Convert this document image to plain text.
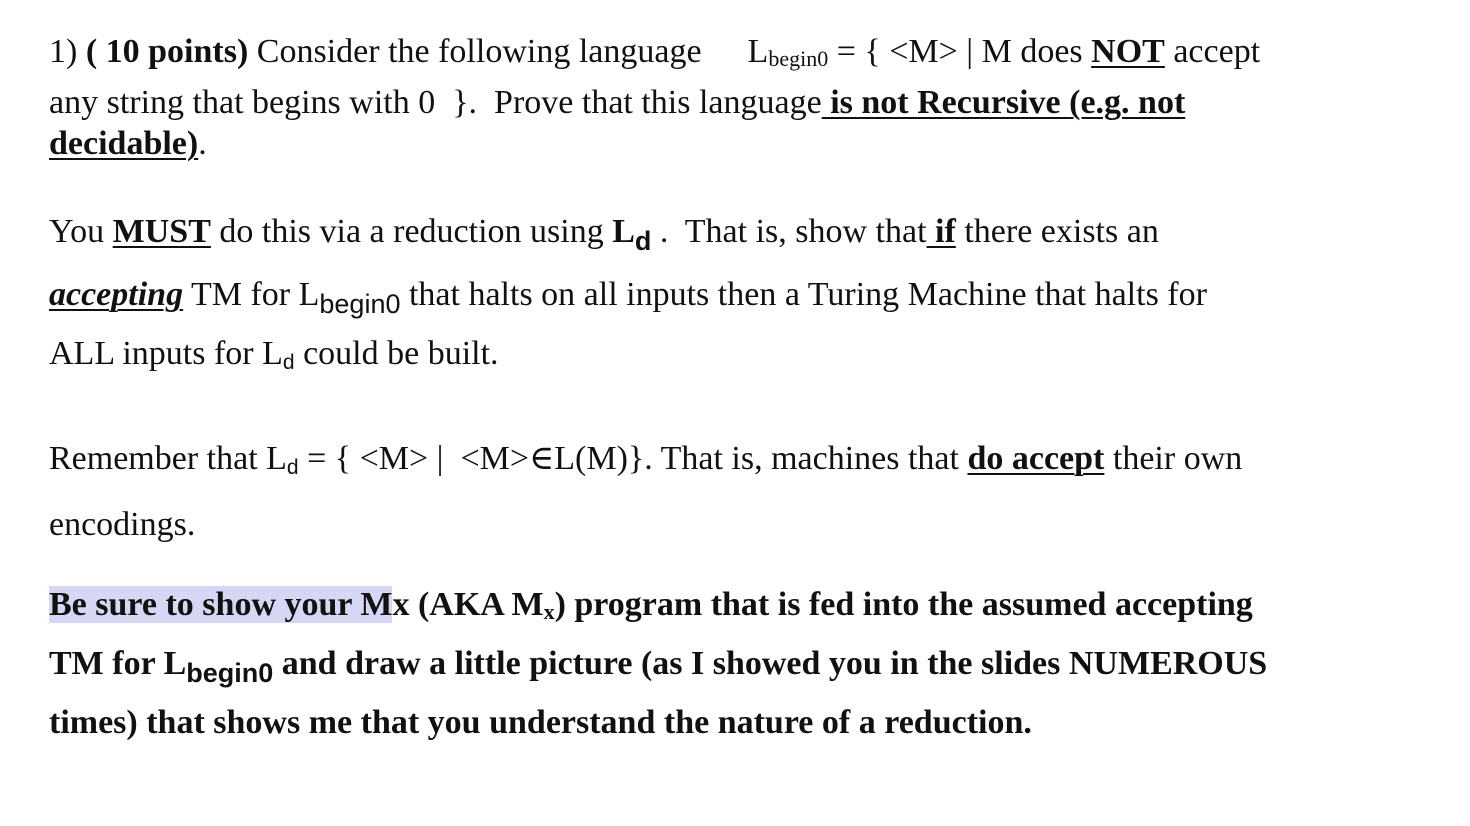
1) ( 10 points) Consider the following language Lbegin0 = { <M> | M does NOT accept
any string that begins with 0  }.  Prove that this language is not Recursive (e.g. not
decidable).
You MUST do this via a reduction using $L_d$ .  That is, show that if there exists an
accepting TM for $L_{begin0}$ that halts on all inputs then a Turing Machine that halts for
ALL inputs for Ld could be built.
Remember that Ld = { <M> |  <M>∈L(M)}. That is, machines that do accept their own
encodings.
Be sure to show your Mx (AKA Mx) program that is fed into the assumed accepting
TM for $L_{begin0}$ and draw a little picture (as I showed you in the slides NUMEROUS
times) that shows me that you understand the nature of a reduction.
